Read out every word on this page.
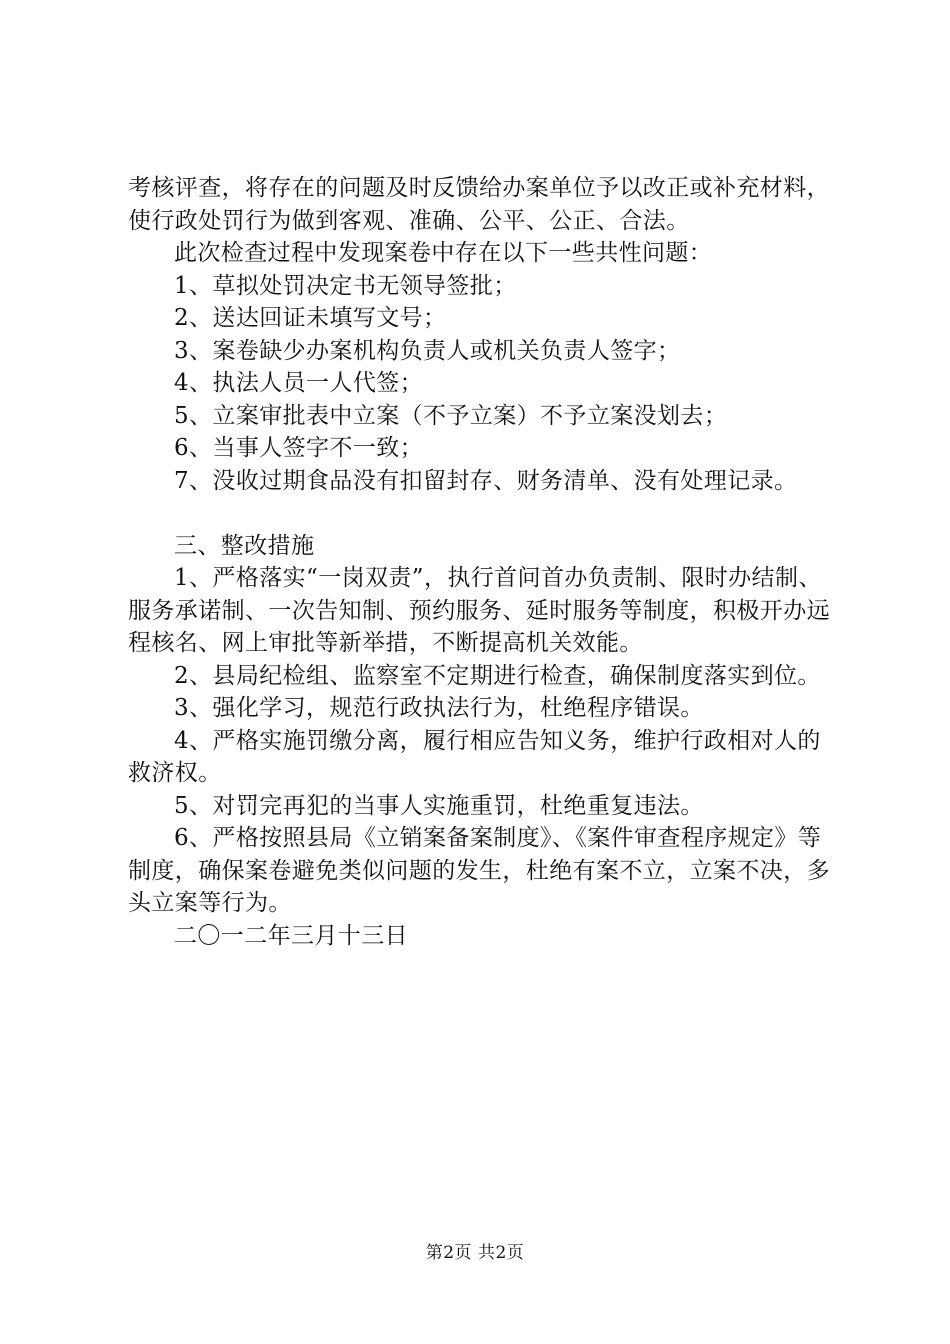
考核评查，将存在的问题及时反馈给办案单位予以改正或补充材料，使行政处罚行为做到客观、准确、公平、公正、合法。

此次检查过程中发现案卷中存在以下一些共性问题：

1、草拟处罚决定书无领导签批；

2、送达回证未填写文号；

3、案卷缺少办案机构负责人或机关负责人签字；

4、执法人员一人代签；

5、立案审批表中立案（不予立案）不予立案没划去；

6、当事人签字不一致；

7、没收过期食品没有扣留封存、财务清单、没有处理记录。

三、整改措施

1、严格落实“一岗双责”，执行首问首办负责制、限时办结制、服务承诺制、一次告知制、预约服务、延时服务等制度，积极开办远程核名、网上审批等新举措，不断提高机关效能。

2、县局纪检组、监察室不定期进行检查，确保制度落实到位。

3、强化学习，规范行政执法行为，杜绝程序错误。

4、严格实施罚缴分离，履行相应告知义务，维护行政相对人的救济权。

5、对罚完再犯的当事人实施重罚，杜绝重复违法。

6、严格按照县局《立销案备案制度》、《案件审查程序规定》等制度，确保案卷避免类似问题的发生，杜绝有案不立，立案不决，多头立案等行为。

二〇一二年三月十三日

第2页 共2页
